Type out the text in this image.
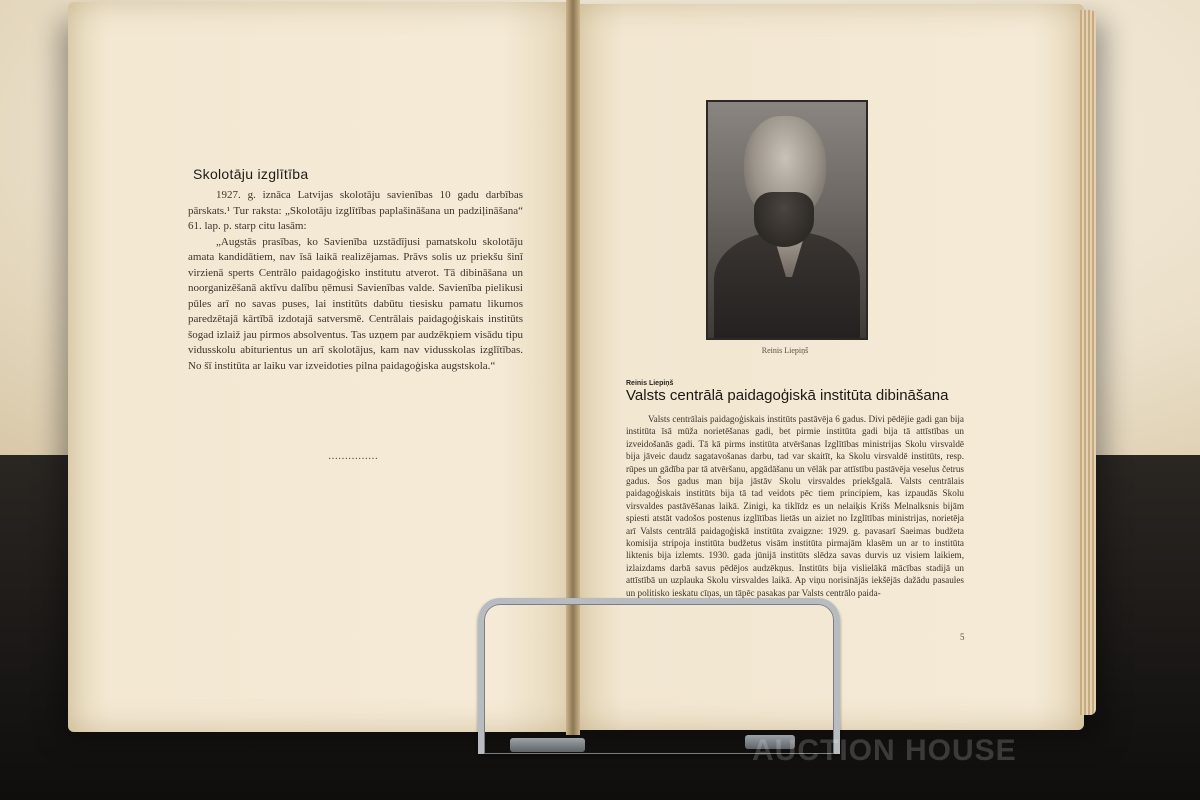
Skolotāju izglītība

1927. g. iznāca Latvijas skolotāju savienības 10 gadu darbības pārskats.¹ Tur raksta: „Skolotāju izglītības paplašināšana un padziļināšana“ 61. lap. p. starp citu lasām:

„Augstās prasības, ko Savienība uzstādījusi pamatskolu skolotāju amata kandidātiem, nav īsā laikā realizējamas. Prāvs solis uz priekšu šinī virzienā sperts Centrālo paidagoģisko institutu atverot. Tā dibināšana un noorganizēšanā aktīvu dalību ņēmusi Savienības valde. Savienība pielikusi pūles arī no savas puses, lai institūts dabūtu tiesisku pamatu likumos paredzētajā kārtībā izdotajā satversmē. Centrālais paidagoģiskais institūts šogad izlaiž jau pirmos absolventus. Tas uzņem par audzēkņiem visādu tipu vidusskolu abiturientus un arī skolotājus, kam nav vidusskolas izglītības. No šī institūta ar laiku var izveidoties pilna paidagoģiska augstskola.“

……………
Reinis Liepiņš
Reinis Liepiņš
Valsts centrālā paidagoģiskā institūta dibināšana

Valsts centrālais paidagoģiskais institūts pastāvēja 6 gadus. Divi pēdējie gadi gan bija institūta īsā mūža norietēšanas gadi, bet pirmie institūta gadi bija tā attīstības un izveidošanās gadi. Tā kā pirms institūta atvēršanas Izglītības ministrijas Skolu virsvaldē bija jāveic daudz sagatavošanas darbu, tad var skaitīt, ka Skolu virsvaldē institūts, resp. rūpes un gādība par tā atvēršanu, apgādāšanu un vēlāk par attīstību pastāvēja veselus četrus gadus. Šos gadus man bija jāstāv Skolu virsvaldes priekšgalā. Valsts centrālais paidagoģiskais institūts bija tā tad veidots pēc tiem principiem, kas izpaudās Skolu virsvaldes pastāvēšanas laikā. Zinigi, ka tiklīdz es un nelaiķis Krišs Melnalksnis bijām spiesti atstāt vadošos postenus izglītības lietās un aiziet no Izglītības ministrijas, norietēja arī Valsts centrālā paidagoģiskā institūta zvaigzne: 1929. g. pavasarī Saeimas budžeta komisija stripoja institūta budžetus visām institūta pirmajām klasēm un ar to institūta liktenis bija izlemts. 1930. gada jūnijā institūts slēdza savas durvis uz visiem laikiem, izlaizdams darbā savus pēdējos audzēkņus. Institūts bija vislielākā mācības stadijā un attīstībā un uzplauka Skolu virsvaldes laikā. Ap viņu norisinājās iekšējās dažādu pasaules un politisko ieskatu cīņas, un tāpēc pasakas par Valsts centrālo paida-

5
AUCTION HOUSE
